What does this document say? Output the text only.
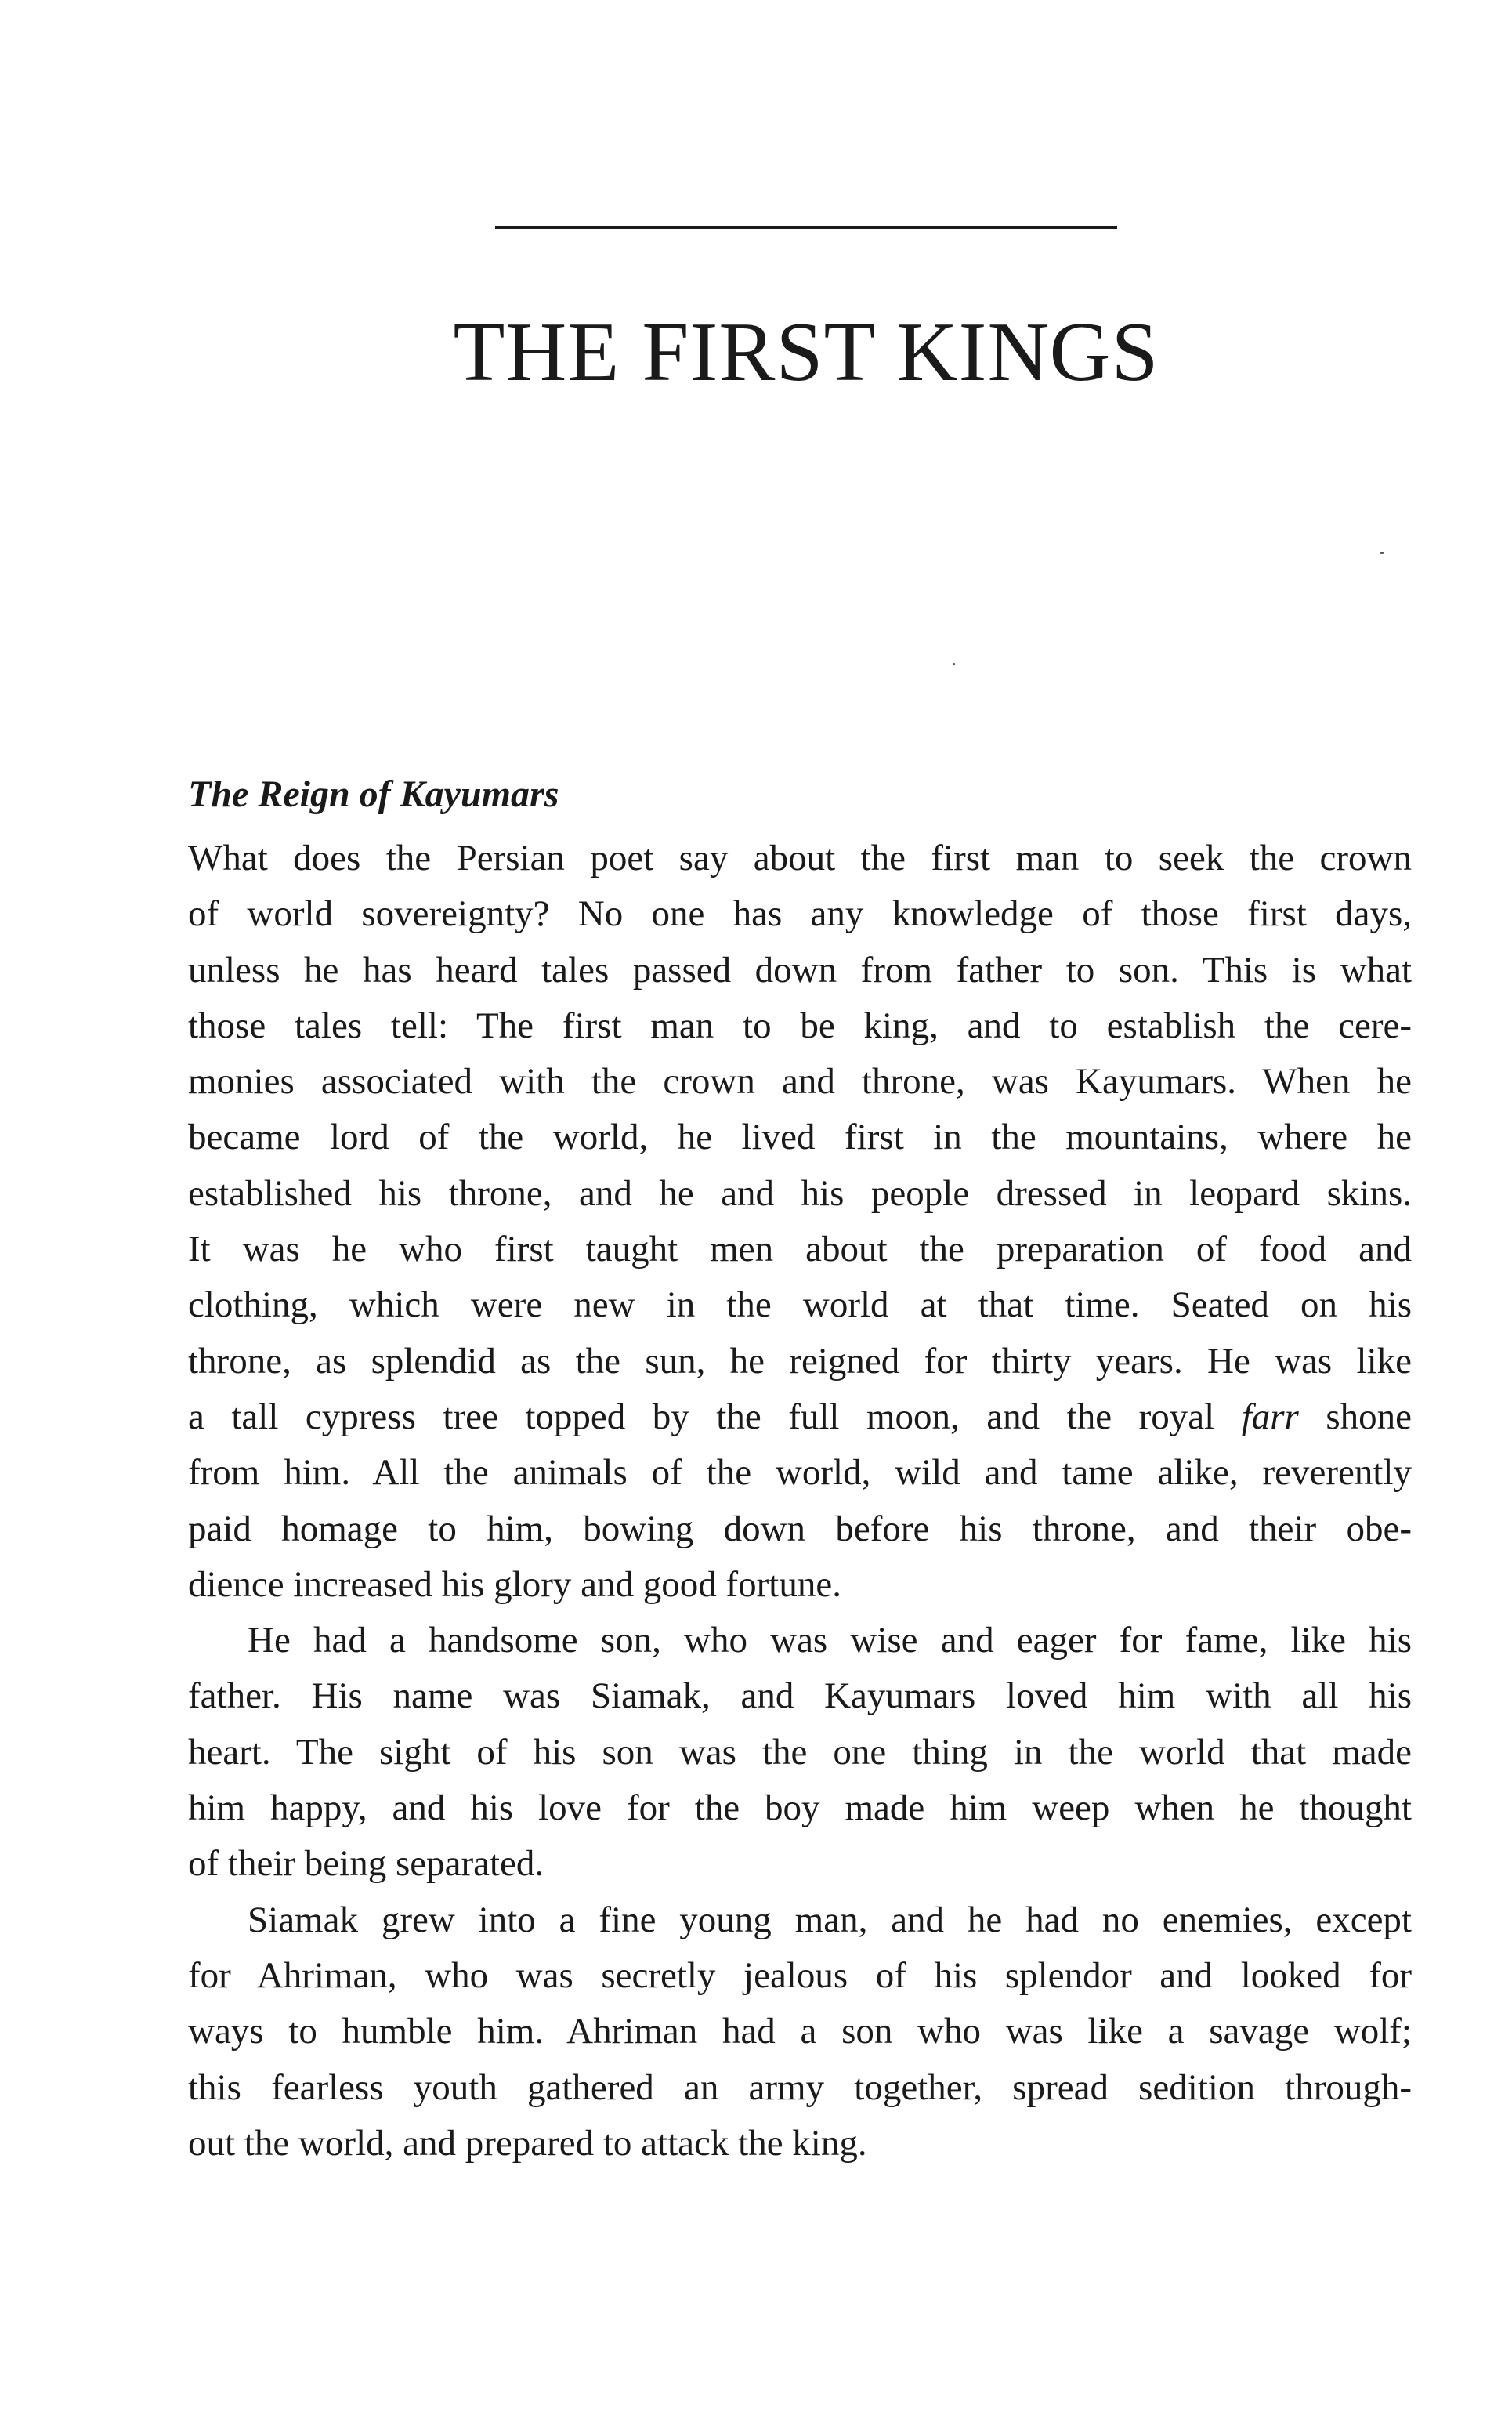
THE FIRST KINGS
The Reign of Kayumars
What does the Persian poet say about the first man to seek the crown
of world sovereignty? No one has any knowledge of those first days,
unless he has heard tales passed down from father to son. This is what
those tales tell: The first man to be king, and to establish the cere-
monies associated with the crown and throne, was Kayumars. When he
became lord of the world, he lived first in the mountains, where he
established his throne, and he and his people dressed in leopard skins.
It was he who first taught men about the preparation of food and
clothing, which were new in the world at that time. Seated on his
throne, as splendid as the sun, he reigned for thirty years. He was like
a tall cypress tree topped by the full moon, and the royal farr shone
from him. All the animals of the world, wild and tame alike, reverently
paid homage to him, bowing down before his throne, and their obe-
dience increased his glory and good fortune.
He had a handsome son, who was wise and eager for fame, like his
father. His name was Siamak, and Kayumars loved him with all his
heart. The sight of his son was the one thing in the world that made
him happy, and his love for the boy made him weep when he thought
of their being separated.
Siamak grew into a fine young man, and he had no enemies, except
for Ahriman, who was secretly jealous of his splendor and looked for
ways to humble him. Ahriman had a son who was like a savage wolf;
this fearless youth gathered an army together, spread sedition through-
out the world, and prepared to attack the king.
